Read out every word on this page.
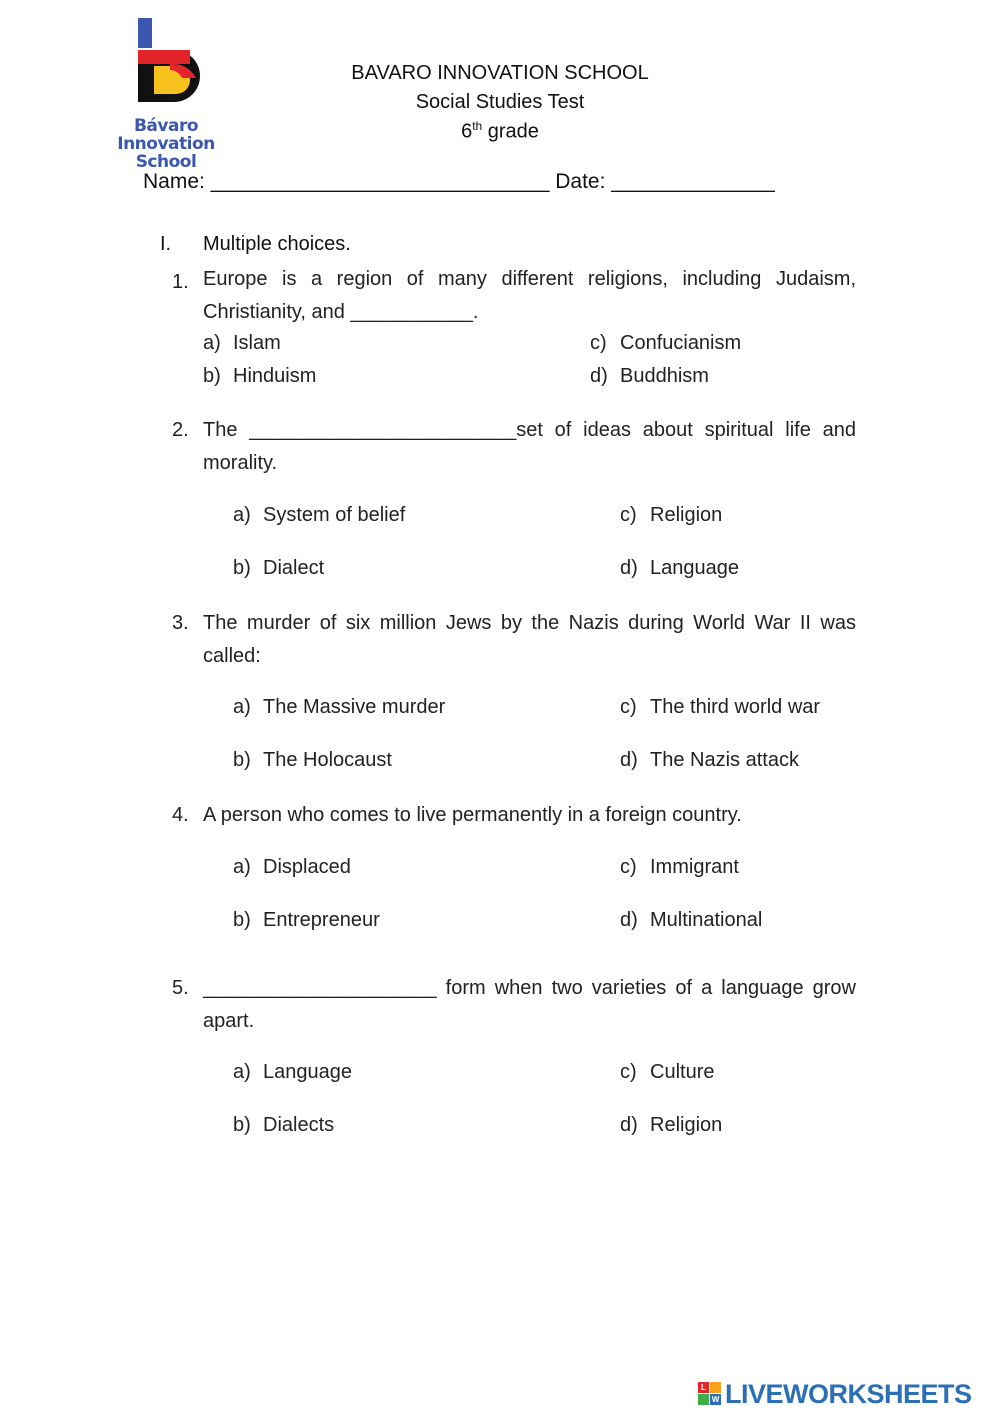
Bávaro Innovation
School
BAVARO INNOVATION SCHOOL
Social Studies Test
6th grade
Name: _____________________________ Date: ______________
I. Multiple choices.
1. Europe is a region of many different religions, including Judaism, Christianity, and ___________.
a) Islam
b) Hinduism
c) Confucianism
d) Buddhism
2. The ________________________set of ideas about spiritual life and morality.
a) System of belief
b) Dialect
c) Religion
d) Language
3. The murder of six million Jews by the Nazis during World War II was called:
a) The Massive murder
b) The Holocaust
c) The third world war
d) The Nazis attack
4. A person who comes to live permanently in a foreign country.
a) Displaced
b) Entrepreneur
c) Immigrant
d) Multinational
5. _____________________ form when two varieties of a language grow apart.
a) Language
b) Dialects
c) Culture
d) Religion
L
W LIVEWORKSHEETS
